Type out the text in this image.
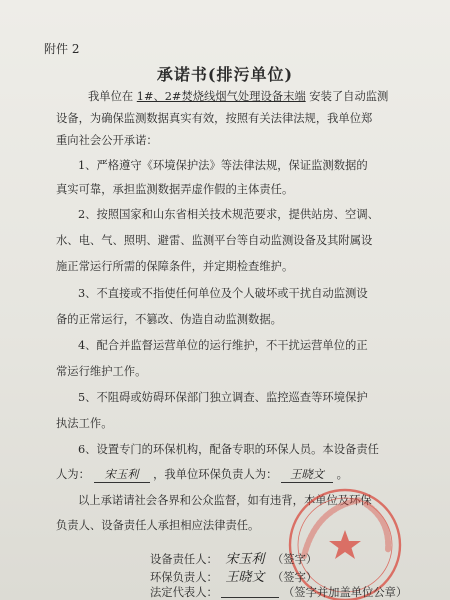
附件 2
承诺书(排污单位)
我单位在 1#、2#焚烧线烟气处理设备末端 安装了自动监测
设备，为确保监测数据真实有效，按照有关法律法规，我单位郑
重向社会公开承诺：
1、严格遵守《环境保护法》等法律法规，保证监测数据的
真实可靠，承担监测数据弄虚作假的主体责任。
2、按照国家和山东省相关技术规范要求，提供站房、空调、
水、电、气、照明、避雷、监测平台等自动监测设备及其附属设
施正常运行所需的保障条件，并定期检查维护。
3、不直接或不指使任何单位及个人破坏或干扰自动监测设
备的正常运行，不篡改、伪造自动监测数据。
4、配合并监督运营单位的运行维护，不干扰运营单位的正
常运行维护工作。
5、不阻碍或妨碍环保部门独立调查、监控巡查等环境保护
执法工作。
6、设置专门的环保机构，配备专职的环保人员。本设备责任
人为： 宋玉利 ，我单位环保负责人为： 王晓文 。
以上承诺请社会各界和公众监督，如有违背，本单位及环保
负责人、设备责任人承担相应法律责任。
设备责任人： 宋玉利 （签字）
环保负责人： 王晓文 （签字）
法定代表人：	（签字并加盖单位公章）
